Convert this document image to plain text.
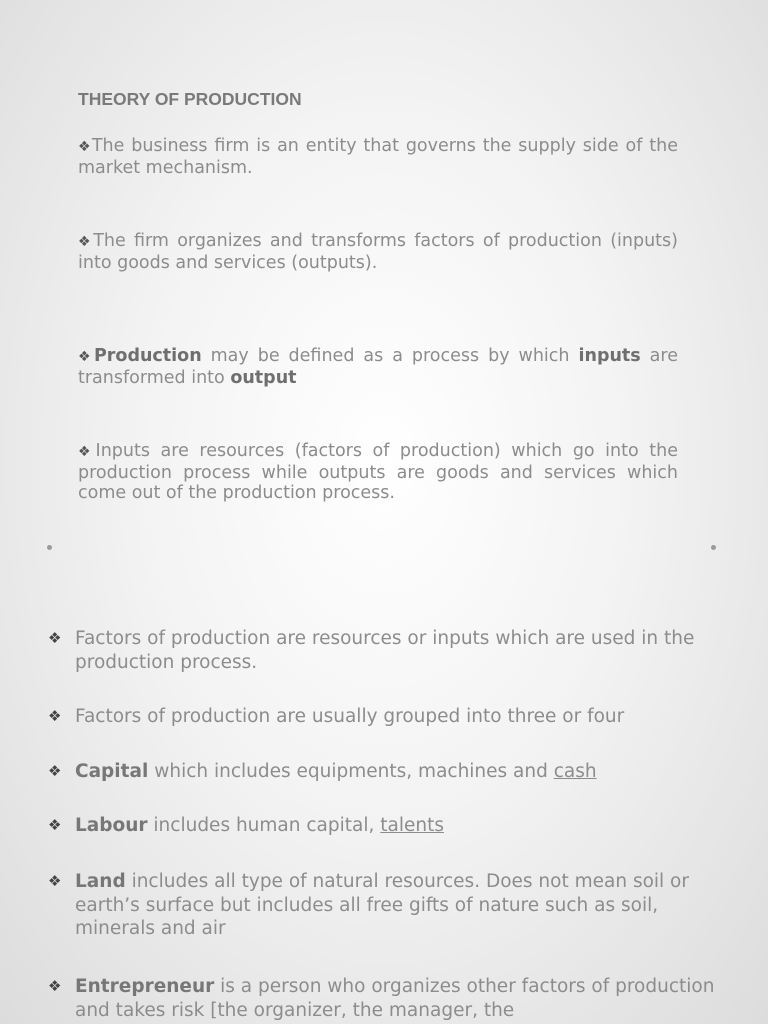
THEORY OF PRODUCTION
❖The business firm is an entity that governs the supply side of the market mechanism.
❖The firm organizes and transforms factors of production (inputs) into goods and services (outputs).
❖Production may be defined as a process by which inputs are transformed into output
❖Inputs are resources (factors of production) which go into the production process while outputs are goods and services which come out of the production process.
❖ Factors of production are resources or inputs which are used in the production process.
❖ Factors of production are usually grouped into three or four
❖ Capital which includes equipments, machines and cash
❖ Labour includes human capital, talents
❖ Land includes all type of natural resources. Does not mean soil or earth’s surface but includes all free gifts of nature such as soil, minerals and air
❖ Entrepreneur is a person who organizes other factors of production and takes risk [the organizer, the manager, the
